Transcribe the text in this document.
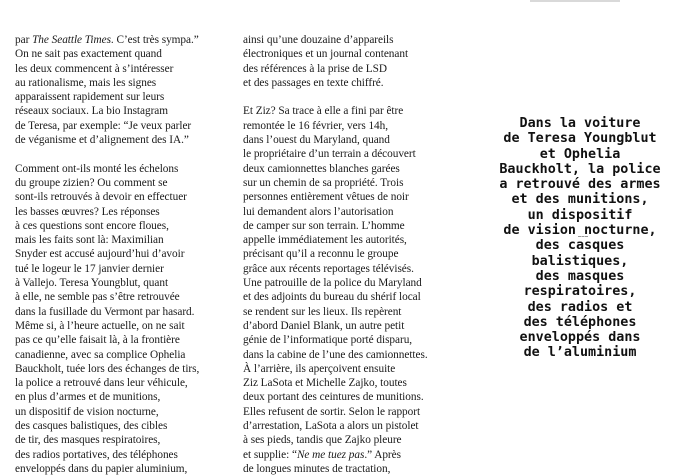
par The Seattle Times. C’est très sympa.”
On ne sait pas exactement quand
les deux commencent à s’intéresser
au rationalisme, mais les signes
apparaissent rapidement sur leurs
réseaux sociaux. La bio Instagram
de Teresa, par exemple: “Je veux parler
de véganisme et d’alignement des IA.”
Comment ont-ils monté les échelons
du groupe zizien? Ou comment se
sont-ils retrouvés à devoir en effectuer
les basses œuvres? Les réponses
à ces questions sont encore floues,
mais les faits sont là: Maximilian
Snyder est accusé aujourd’hui d’avoir
tué le logeur le 17 janvier dernier
à Vallejo. Teresa Youngblut, quant
à elle, ne semble pas s’être retrouvée
dans la fusillade du Vermont par hasard.
Même si, à l’heure actuelle, on ne sait
pas ce qu’elle faisait là, à la frontière
canadienne, avec sa complice Ophelia
Bauckholt, tuée lors des échanges de tirs,
la police a retrouvé dans leur véhicule,
en plus d’armes et de munitions,
un dispositif de vision nocturne,
des casques balistiques, des cibles
de tir, des masques respiratoires,
des radios portatives, des téléphones
enveloppés dans du papier aluminium,
ainsi qu’une douzaine d’appareils
électroniques et un journal contenant
des références à la prise de LSD
et des passages en texte chiffré.
Et Ziz? Sa trace à elle a fini par être
remontée le 16 février, vers 14h,
dans l’ouest du Maryland, quand
le propriétaire d’un terrain a découvert
deux camionnettes blanches garées
sur un chemin de sa propriété. Trois
personnes entièrement vêtues de noir
lui demandent alors l’autorisation
de camper sur son terrain. L’homme
appelle immédiatement les autorités,
précisant qu’il a reconnu le groupe
grâce aux récents reportages télévisés.
Une patrouille de la police du Maryland
et des adjoints du bureau du shérif local
se rendent sur les lieux. Ils repèrent
d’abord Daniel Blank, un autre petit
génie de l’informatique porté disparu,
dans la cabine de l’une des camionnettes.
À l’arrière, ils aperçoivent ensuite
Ziz LaSota et Michelle Zajko, toutes
deux portant des ceintures de munitions.
Elles refusent de sortir. Selon le rapport
d’arrestation, LaSota a alors un pistolet
à ses pieds, tandis que Zajko pleure
et supplie: “Ne me tuez pas.” Après
de longues minutes de tractation,
Dans la voiture
de Teresa Youngblut
et Ophelia
Bauckholt, la police
a retrouvé des armes
et des munitions,
un dispositif
de vision nocturne,
des casques
balistiques,
des masques
respiratoires,
des radios et
des téléphones
enveloppés dans
de l’aluminium
